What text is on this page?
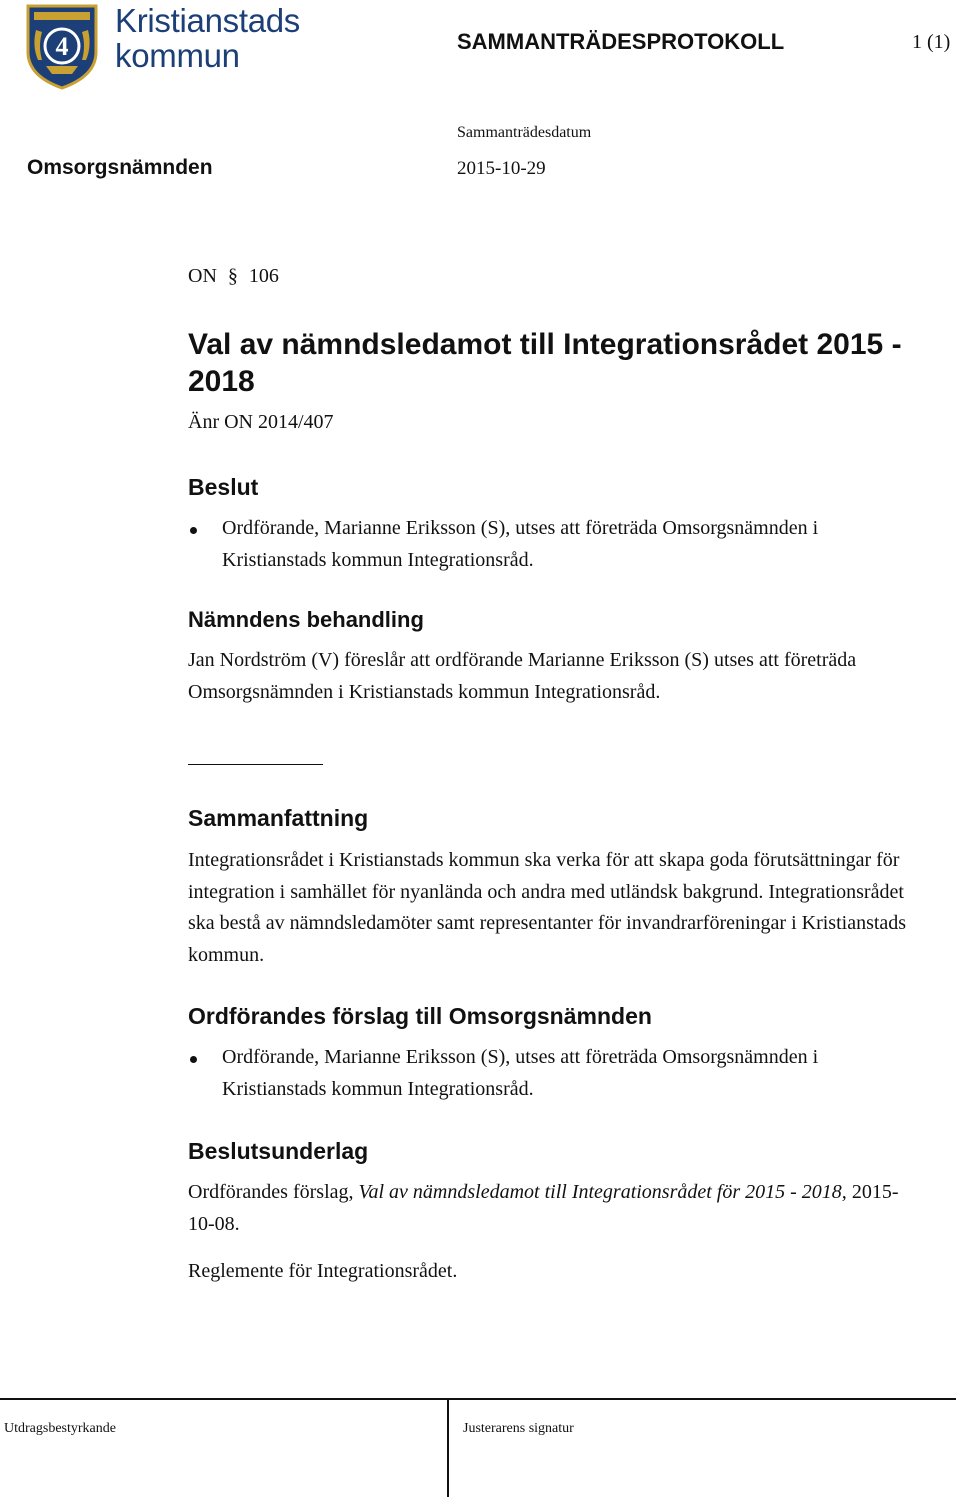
4
Kristianstads
kommun	SAMMANTRÄDESPROTOKOLL	1 (1)
Sammanträdesdatum
Omsorgsnämnden	2015-10-29
ON § 106
Val av nämndsledamot till Integrationsrådet 2015 - 2018
Änr ON 2014/407
Beslut
Ordförande, Marianne Eriksson (S), utses att företräda Omsorgsnämnden i Kristianstads kommun Integrationsråd.
Nämndens behandling

Jan Nordström (V) föreslår att ordförande Marianne Eriksson (S) utses att företräda Omsorgsnämnden i Kristianstads kommun Integrationsråd.

Sammanfattning

Integrationsrådet i Kristianstads kommun ska verka för att skapa goda förutsättningar för integration i samhället för nyanlända och andra med utländsk bakgrund. Integrationsrådet ska bestå av nämndsledamöter samt representanter för invandrarföreningar i Kristianstads kommun.

Ordförandes förslag till Omsorgsnämnden
Ordförande, Marianne Eriksson (S), utses att företräda Omsorgsnämnden i Kristianstads kommun Integrationsråd.
Beslutsunderlag

Ordförandes förslag, Val av nämndsledamot till Integrationsrådet för 2015 - 2018, 2015-10-08.

Reglemente för Integrationsrådet.

Utdragsbestyrkande	Justerarens signatur
